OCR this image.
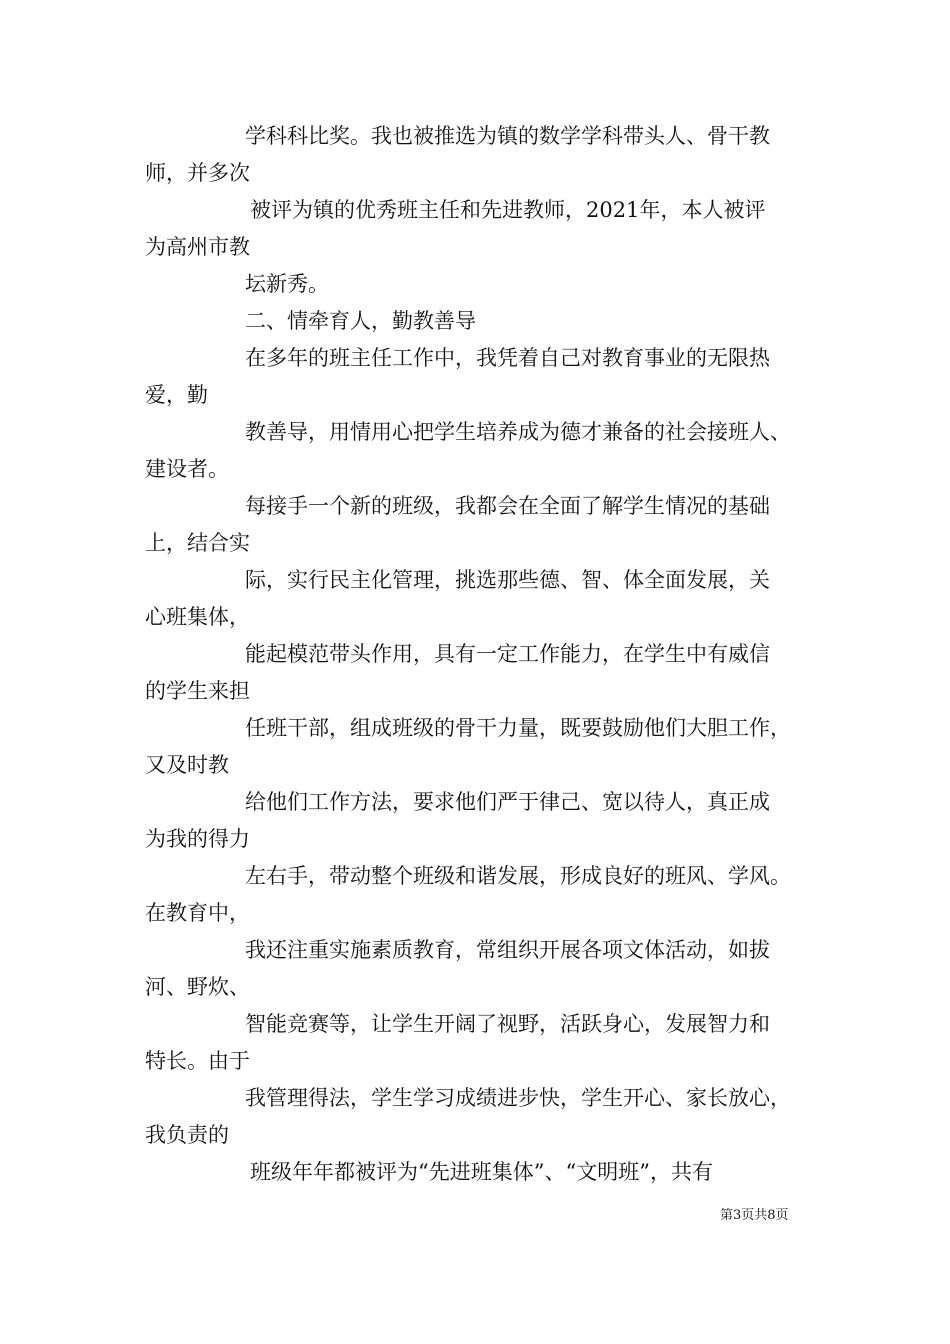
学科科比奖。我也被推选为镇的数学学科带头人、骨干教
师，并多次
被评为镇的优秀班主任和先进教师，2021年，本人被评
为高州市教
坛新秀。
二、情牵育人，勤教善导
在多年的班主任工作中，我凭着自己对教育事业的无限热
爱，勤
教善导，用情用心把学生培养成为德才兼备的社会接班人、
建设者。
每接手一个新的班级，我都会在全面了解学生情况的基础
上，结合实
际，实行民主化管理，挑选那些德、智、体全面发展，关
心班集体，
能起模范带头作用，具有一定工作能力，在学生中有威信
的学生来担
任班干部，组成班级的骨干力量，既要鼓励他们大胆工作，
又及时教
给他们工作方法，要求他们严于律己、宽以待人，真正成
为我的得力
左右手，带动整个班级和谐发展，形成良好的班风、学风。
在教育中，
我还注重实施素质教育，常组织开展各项文体活动，如拔
河、野炊、
智能竞赛等，让学生开阔了视野，活跃身心，发展智力和
特长。由于
我管理得法，学生学习成绩进步快，学生开心、家长放心，
我负责的
班级年年都被评为“先进班集体”、“文明班”，共有
第3页共8页
